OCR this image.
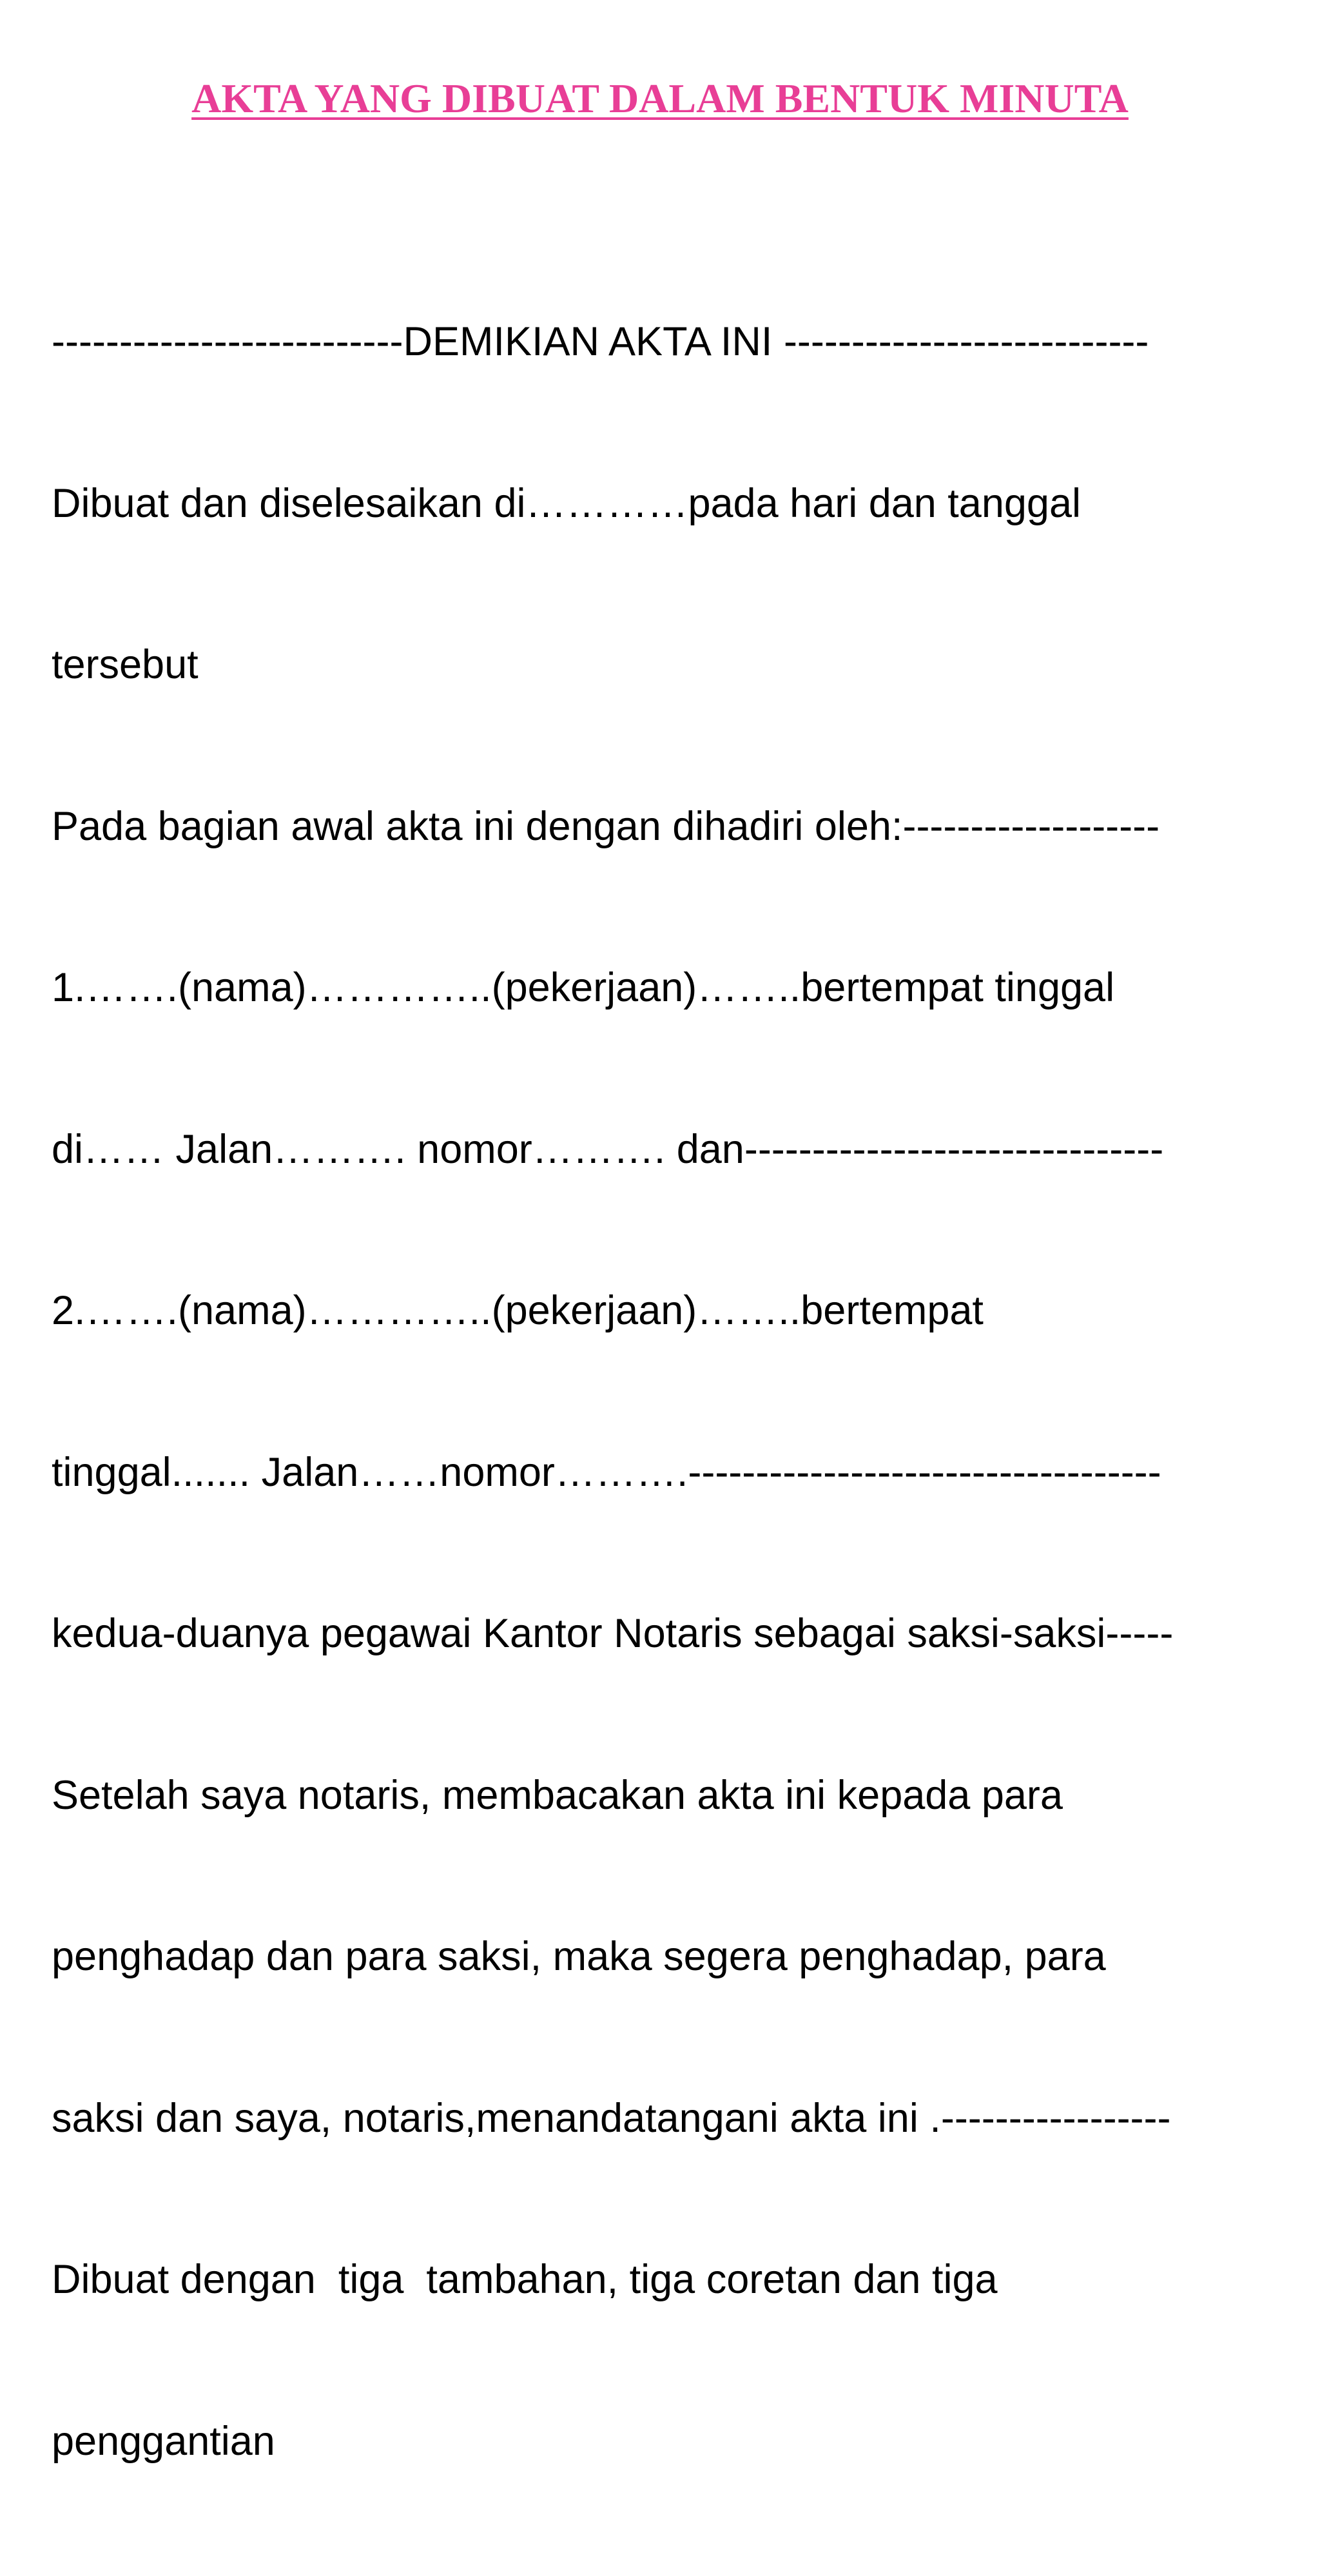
AKTA YANG DIBUAT DALAM BENTUK MINUTA

--------------------------DEMIKIAN AKTA INI ---------------------------

Dibuat dan diselesaikan di…………pada hari dan tanggal

tersebut

Pada bagian awal akta ini dengan dihadiri oleh:-------------------

1.…….(nama)…………..(pekerjaan)……..bertempat tinggal

di…… Jalan………. nomor………. dan-------------------------------

2.…….(nama)…………..(pekerjaan)……..bertempat

tinggal....... Jalan……nomor……….-----------------------------------

kedua-duanya pegawai Kantor Notaris sebagai saksi-saksi-----

Setelah saya notaris, membacakan akta ini kepada para

penghadap dan para saksi, maka segera penghadap, para

saksi dan saya, notaris,menandatangani akta ini .-----------------

Dibuat dengan  tiga  tambahan, tiga coretan dan tiga

penggantian
